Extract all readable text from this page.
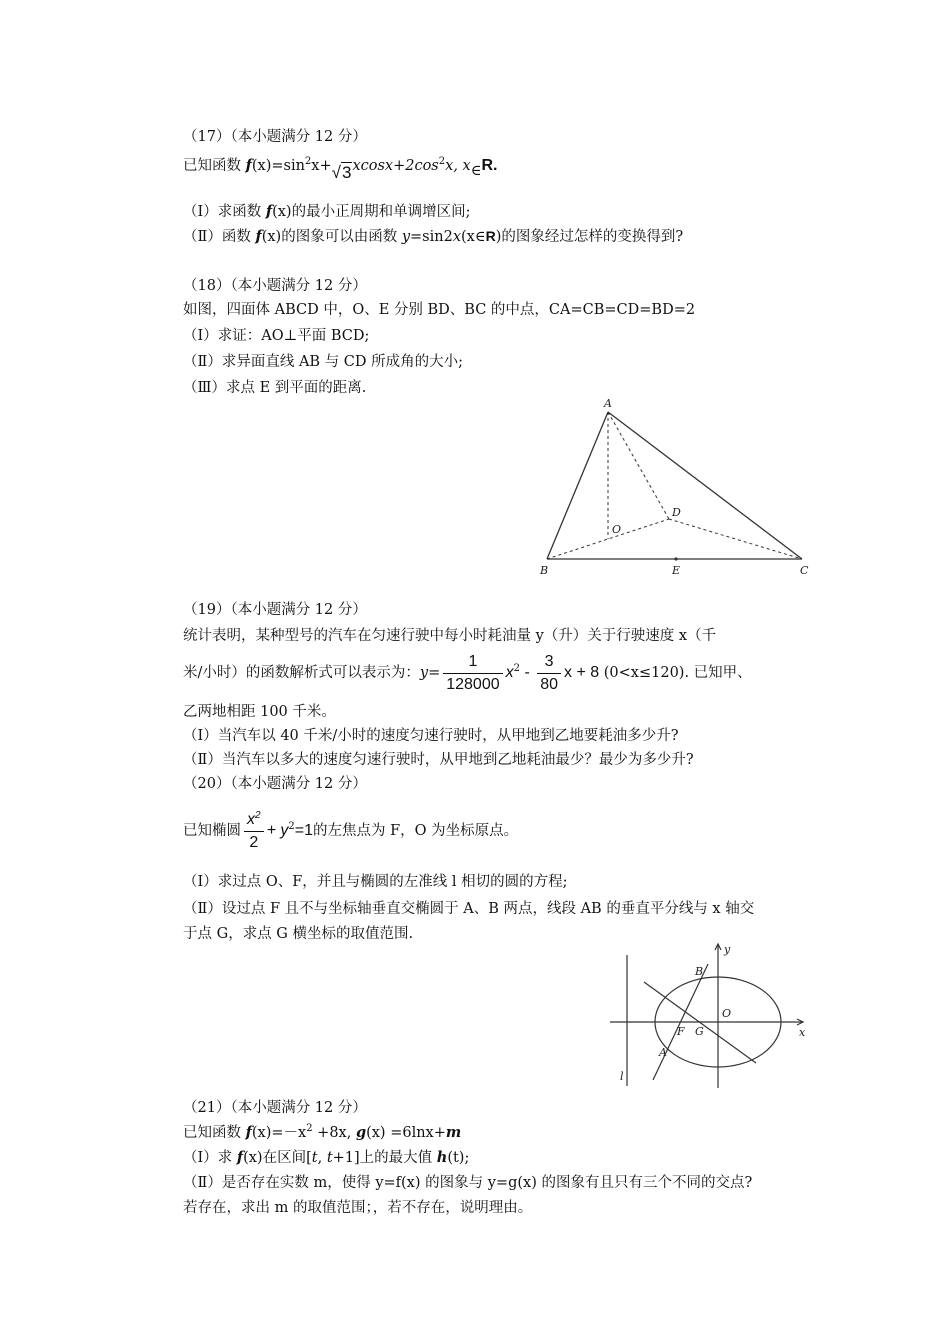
（17）（本小题满分 12 分）
已知函数 $f(x)=\sin^2x+√3xcosx+2\cos^2x$, x∈R.
（I）求函数 f(x)的最小正周期和单调增区间;
（Ⅱ）函数 f(x)的图象可以由函数 y=sin2x(x∈R)的图象经过怎样的变换得到?
（18）（本小题满分 12 分）
如图，四面体 ABCD 中，O、E 分别 BD、BC 的中点，CA=CB=CD=BD=2
（Ⅰ）求证：AO⊥平面 BCD;
（Ⅱ）求异面直线 AB 与 CD 所成角的大小;
（Ⅲ）求点 E 到平面的距离.
A
B	C
D
O
E
（19）（本小题满分 12 分）
统计表明，某种型号的汽车在匀速行驶中每小时耗油量 y（升）关于行驶速度 x（千
米/小时）的函数解析式可以表示为：$y= \frac{1}{128000} x^2 - \frac{3}{80}$ x + 8 (0<x≤120). 已知甲、
乙两地相距 100 千米。
（Ⅰ）当汽车以 40 千米/小时的速度匀速行驶时，从甲地到乙地要耗油多少升?
（Ⅱ）当汽车以多大的速度匀速行驶时，从甲地到乙地耗油最少？最少为多少升?
（20）（本小题满分 12 分）
已知椭圆 $\frac{x^2}{2} + y^2=1$的左焦点为 F，O 为坐标原点。
（Ⅰ）求过点 O、F，并且与椭圆的左准线 l 相切的圆的方程;
（Ⅱ）设过点 F 且不与坐标轴垂直交椭圆于 A、B 两点，线段 AB 的垂直平分线与 x 轴交
于点 G，求点 G 横坐标的取值范围.
y
x
B
A
O
F G
l
（21）（本小题满分 12 分）
已知函数 $f(x)=-x^2 +8x$, g(x) =6lnx+m
（Ⅰ）求 f(x)在区间[t, t+1]上的最大值 h(t);
（Ⅱ）是否存在实数 m，使得 y=f(x) 的图象与 y=g(x) 的图象有且只有三个不同的交点?
若存在，求出 m 的取值范围；，若不存在，说明理由。
